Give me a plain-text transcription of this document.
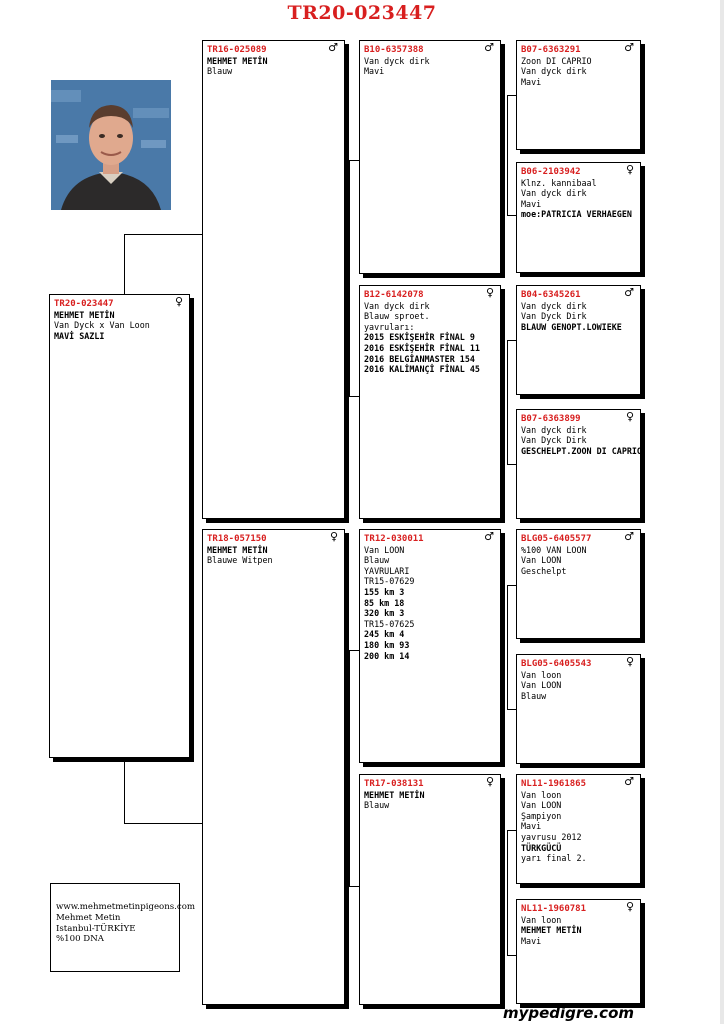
TR20-023447
TR20-023447	♀
MEHMET METİN
Van Dyck x Van Loon
MAVİ SAZLI
TR16-025089	♂
MEHMET METİN
Blauw
TR18-057150	♀
MEHMET METİN
Blauwe Witpen
B10-6357388	♂
Van dyck dirk
Mavi
B12-6142078	♀
Van dyck dirk
Blauw sproet.
yavruları:
2015 ESKİŞEHİR FİNAL 9
2016 ESKİŞEHİR FİNAL 11
2016 BELGİANMASTER 154
2016 KALİMANÇİ FİNAL 45
TR12-030011	♂
Van LOON
Blauw
YAVRULARI
TR15-07629
155 km 3
85 km 18
320 km 3
TR15-07625
245 km 4
180 km 93
200 km 14
TR17-038131	♀
MEHMET METİN
Blauw
B07-6363291	♂
Zoon DI CAPRIO
Van dyck dirk
Mavi
B06-2103942	♀
Klnz. kannibaal
Van dyck dirk
Mavi
moe:PATRICIA VERHAEGEN
B04-6345261	♂
Van dyck dirk
Van Dyck Dirk
BLAUW GENOPT.LOWIEKE
B07-6363899	♀
Van dyck dirk
Van Dyck Dirk
GESCHELPT.ZOON DI CAPRIO
BLG05-6405577	♂
%100 VAN LOON
Van LOON
Geschelpt
BLG05-6405543	♀
Van loon
Van LOON
Blauw
NL11-1961865	♂
Van loon
Van LOON
Şampiyon
Mavi
yavrusu 2012
TÜRKGÜCÜ
yarı final 2.
NL11-1960781	♀
Van loon
MEHMET METİN
Mavi
www.mehmetmetinpigeons.com
Mehmet Metin
Istanbul-TÜRKİYE
%100 DNA
mypedigre.com
